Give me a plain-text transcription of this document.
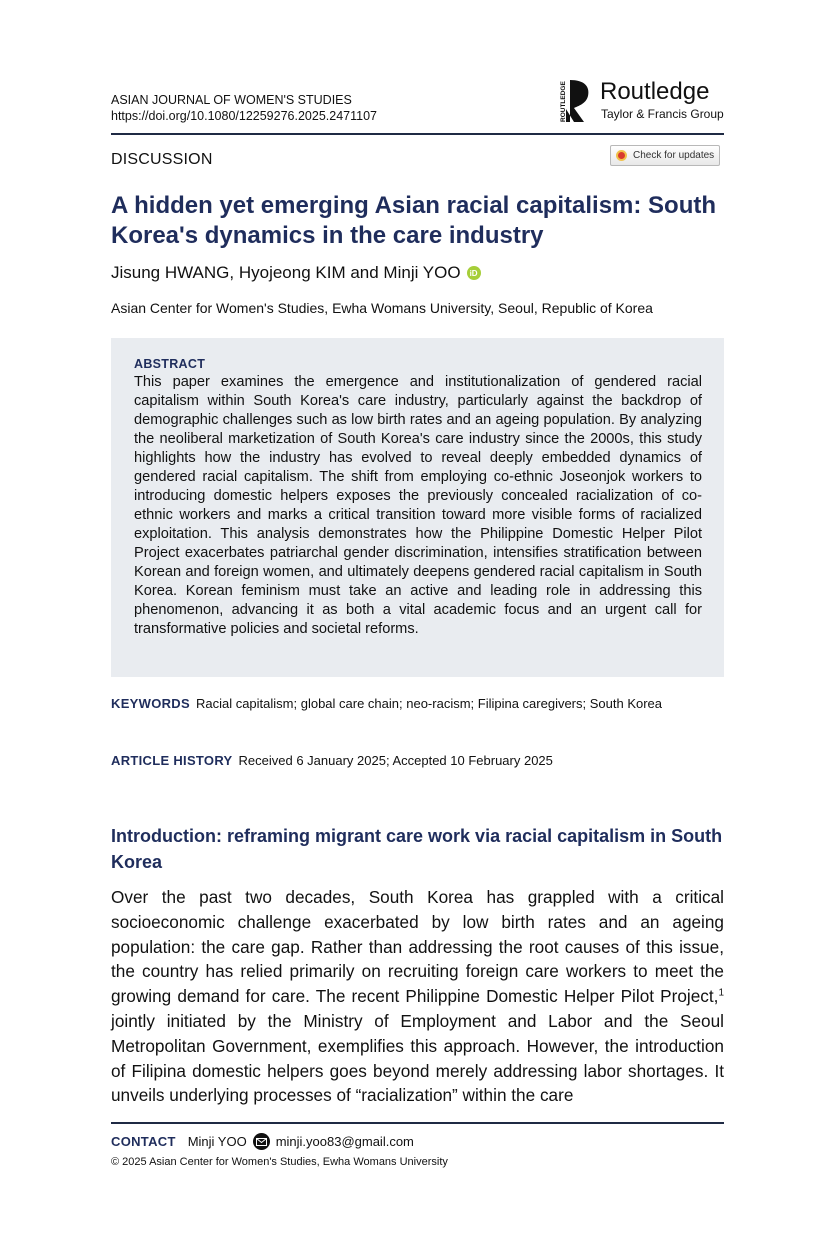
ASIAN JOURNAL OF WOMEN'S STUDIES
https://doi.org/10.1080/12259276.2025.2471107	ROUTLEDGE Routledge
Taylor & Francis Group
DISCUSSION	Check for updates
A hidden yet emerging Asian racial capitalism: South Korea's dynamics in the care industry
Jisung HWANG, Hyojeong KIM and Minji YOO	iD
Asian Center for Women's Studies, Ewha Womans University, Seoul, Republic of Korea
ABSTRACT
This paper examines the emergence and institutionalization of gendered racial capitalism within South Korea's care industry, particularly against the backdrop of demographic challenges such as low birth rates and an ageing population. By analyzing the neoliberal marketization of South Korea's care industry since the 2000s, this study highlights how the industry has evolved to reveal deeply embedded dynamics of gendered racial capitalism. The shift from employing co-ethnic Joseonjok workers to introducing domestic helpers exposes the previously concealed racialization of co-ethnic workers and marks a critical transition toward more visible forms of racialized exploitation. This analysis demonstrates how the Philippine Domestic Helper Pilot Project exacerbates patriarchal gender discrimination, intensifies stratification between Korean and foreign women, and ultimately deepens gendered racial capitalism in South Korea. Korean feminism must take an active and leading role in addressing this phenomenon, advancing it as both a vital academic focus and an urgent call for transformative policies and societal reforms.
KEYWORDS Racial capitalism; global care chain; neo-racism; Filipina caregivers; South Korea
ARTICLE HISTORY Received 6 January 2025; Accepted 10 February 2025
Introduction: reframing migrant care work via racial capitalism in South Korea
Over the past two decades, South Korea has grappled with a critical socioeconomic challenge exacerbated by low birth rates and an ageing population: the care gap. Rather than addressing the root causes of this issue, the country has relied primarily on recruiting foreign care workers to meet the growing demand for care. The recent Philippine Domestic Helper Pilot Project,$^1$ jointly initiated by the Ministry of Employment and Labor and the Seoul Metropolitan Government, exemplifies this approach. However, the introduction of Filipina domestic helpers goes beyond merely addressing labor shortages. It unveils underlying processes of “racialization” within the care
CONTACT Minji YOO minji.yoo83@gmail.com
© 2025 Asian Center for Women's Studies, Ewha Womans University
